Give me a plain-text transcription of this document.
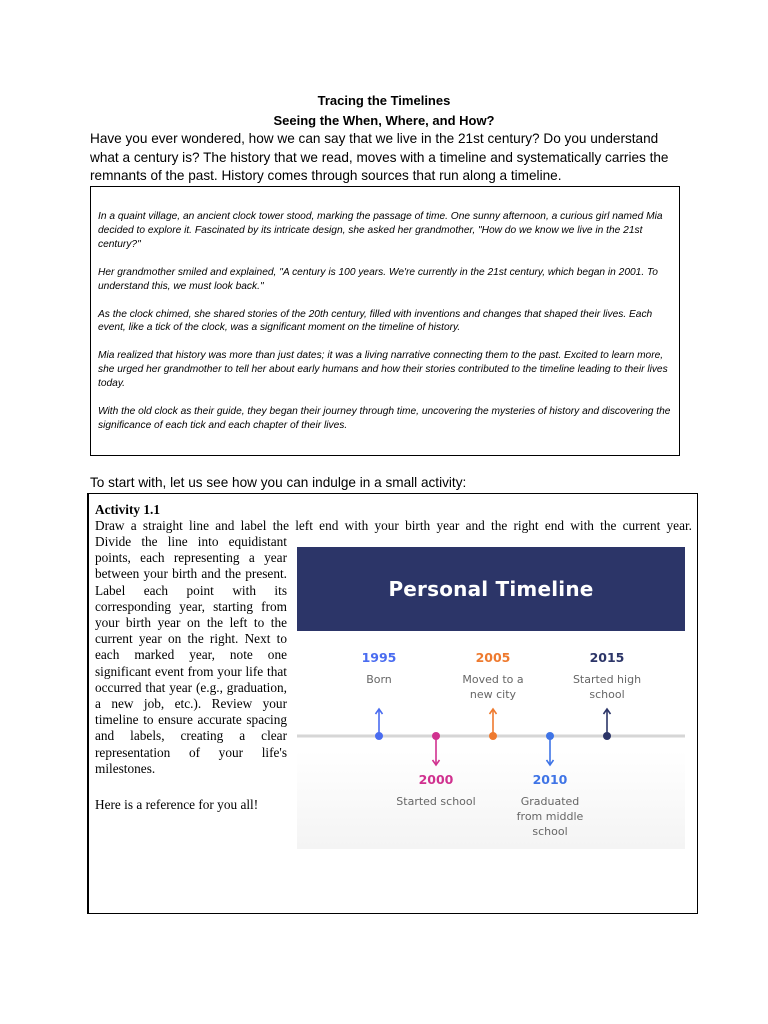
Tracing the Timelines
Seeing the When, Where, and How?

Have you ever wondered, how we can say that we live in the 21st century? Do you understand what a century is? The history that we read, moves with a timeline and systematically carries the remnants of the past. History comes through sources that run along a timeline.

In a quaint village, an ancient clock tower stood, marking the passage of time. One sunny afternoon, a curious girl named Mia decided to explore it. Fascinated by its intricate design, she asked her grandmother, "How do we know we live in the 21st century?"

Her grandmother smiled and explained, "A century is 100 years. We're currently in the 21st century, which began in 2001. To understand this, we must look back."

As the clock chimed, she shared stories of the 20th century, filled with inventions and changes that shaped their lives. Each event, like a tick of the clock, was a significant moment on the timeline of history.

Mia realized that history was more than just dates; it was a living narrative connecting them to the past. Excited to learn more, she urged her grandmother to tell her about early humans and how their stories contributed to the timeline leading to their lives today.

With the old clock as their guide, they began their journey through time, uncovering the mysteries of history and discovering the significance of each tick and each chapter of their lives.

To start with, let us see how you can indulge in a small activity:

Activity 1.1
Draw a straight line and label the left end with your birth year and the right end with the current year.
Divide the line into equidistant points, each representing a year between your birth and the present. Label each point with its corresponding year, starting from your birth year on the left to the current year on the right. Next to each marked year, note one significant event from your life that occurred that year (e.g., graduation, a new job, etc.). Review your timeline to ensure accurate spacing and labels, creating a clear representation of your life's milestones.
Here is a reference for you all!
Personal Timeline
1995
Born
2000
Started school
2005
Moved to a new city
2010
Graduated from middle school
2015
Started high school
